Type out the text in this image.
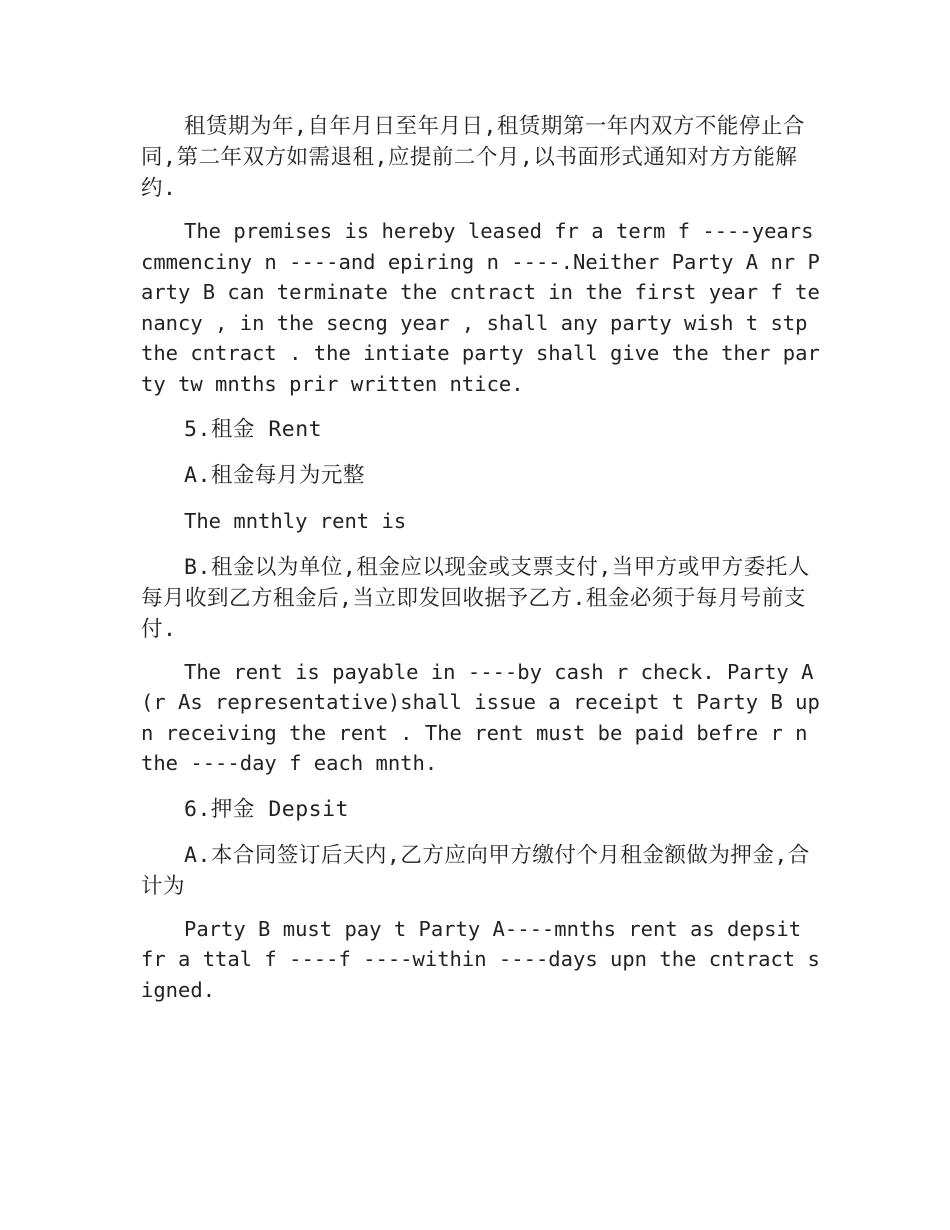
租赁期为年,自年月日至年月日,租赁期第一年内双方不能停止合同,第二年双方如需退租,应提前二个月,以书面形式通知对方方能解约.

The premises is hereby leased fr a term f ----years cmmenciny n ----and epiring n ----.Neither Party A nr Party B can terminate the cntract in the first year f tenancy , in the secng year , shall any party wish t stp the cntract . the intiate party shall give the ther party tw mnths prir written ntice.

5.租金 Rent

A.租金每月为元整

The mnthly rent is

B.租金以为单位,租金应以现金或支票支付,当甲方或甲方委托人每月收到乙方租金后,当立即发回收据予乙方.租金必须于每月号前支付.

The rent is payable in ----by cash r check. Party A (r As representative)shall issue a receipt t Party B upn receiving the rent . The rent must be paid befre r n the ----day f each mnth.

6.押金 Depsit

A.本合同签订后天内,乙方应向甲方缴付个月租金额做为押金,合计为

Party B must pay t Party A----mnths rent as depsit fr a ttal f ----f ----within ----days upn the cntract signed.
